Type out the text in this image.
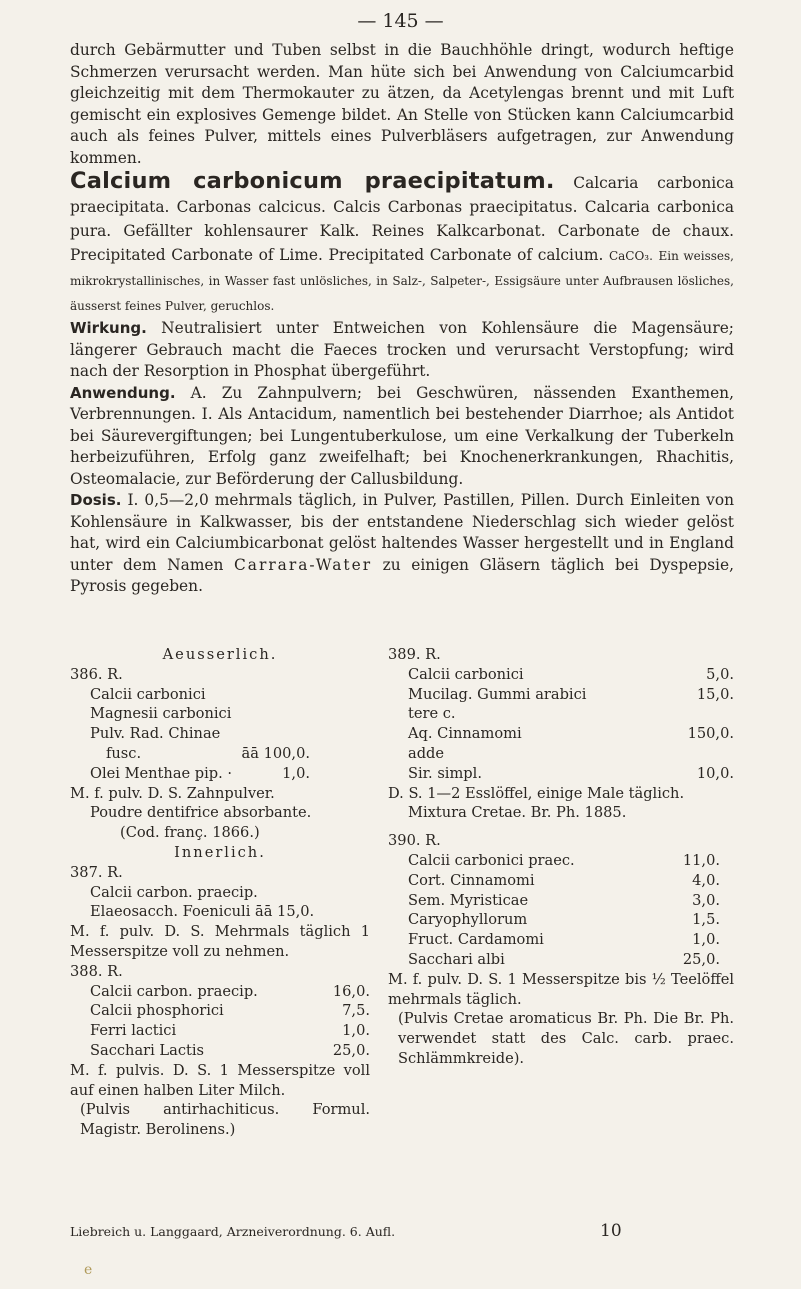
— 145 —

durch Gebärmutter und Tuben selbst in die Bauchhöhle dringt, wodurch heftige Schmerzen verursacht werden. Man hüte sich bei Anwendung von Calciumcarbid gleichzeitig mit dem Thermokauter zu ätzen, da Acetylengas brennt und mit Luft gemischt ein explosives Gemenge bildet. An Stelle von Stücken kann Calciumcarbid auch als feines Pulver, mittels eines Pulverbläsers aufgetragen, zur Anwendung kommen.

Calcium carbonicum praecipitatum. Calcaria carbonica praecipitata. Carbonas calcicus. Calcis Carbonas praecipitatus. Calcaria carbonica pura. Gefällter kohlensaurer Kalk. Reines Kalkcarbonat. Carbonate de chaux. Precipitated Carbonate of Lime. Precipitated Carbonate of calcium. CaCO₃. Ein weisses, mikrokrystallinisches, in Wasser fast unlösliches, in Salz-, Salpeter-, Essigsäure unter Aufbrausen lösliches, äusserst feines Pulver, geruchlos.

Wirkung. Neutralisiert unter Entweichen von Kohlensäure die Magensäure; längerer Gebrauch macht die Faeces trocken und verursacht Verstopfung; wird nach der Resorption in Phosphat übergeführt.

Anwendung. A. Zu Zahnpulvern; bei Geschwüren, nässenden Exanthemen, Verbrennungen. I. Als Antacidum, namentlich bei bestehender Diarrhoe; als Antidot bei Säurevergiftungen; bei Lungentuberkulose, um eine Verkalkung der Tuberkeln herbeizuführen, Erfolg ganz zweifelhaft; bei Knochenerkrankungen, Rhachitis, Osteomalacie, zur Beförderung der Callusbildung.

Dosis. I. 0,5—2,0 mehrmals täglich, in Pulver, Pastillen, Pillen. Durch Einleiten von Kohlensäure in Kalkwasser, bis der entstandene Niederschlag sich wieder gelöst hat, wird ein Calciumbicarbonat gelöst haltendes Wasser hergestellt und in England unter dem Namen Carrara-Water zu einigen Gläsern täglich bei Dyspepsie, Pyrosis gegeben.

Aeusserlich.
386. R.
Calcii carbonici
Magnesii carbonici
Pulv. Rad. Chinae
fusc.	āā 100,0.
Olei Menthae pip. ·	1,0.
M. f. pulv. D. S. Zahnpulver.
Poudre dentifrice absorbante.
(Cod. franç. 1866.)
Innerlich.
387. R.
Calcii carbon. praecip.
Elaeosacch. Foeniculi āā 15,0.
M. f. pulv. D. S. Mehrmals täglich 1 Messerspitze voll zu nehmen.
388. R.
Calcii carbon. praecip.	16,0.
Calcii phosphorici	7,5.
Ferri lactici	1,0.
Sacchari Lactis	25,0.
M. f. pulvis. D. S. 1 Messerspitze voll auf einen halben Liter Milch.
(Pulvis antirhachiticus. Formul. Magistr. Berolinens.)
389. R.
Calcii carbonici	5,0.
Mucilag. Gummi arabici	15,0.
tere c.
Aq. Cinnamomi	150,0.
adde
Sir. simpl.	10,0.
D. S. 1—2 Esslöffel, einige Male täglich.
Mixtura Cretae. Br. Ph. 1885.
390. R.
Calcii carbonici praec.	11,0.
Cort. Cinnamomi	4,0.
Sem. Myristicae	3,0.
Caryophyllorum	1,5.
Fruct. Cardamomi	1,0.
Sacchari albi	25,0.
M. f. pulv. D. S. 1 Messerspitze bis ½ Teelöffel mehrmals täglich.
(Pulvis Cretae aromaticus Br. Ph. Die Br. Ph. verwendet statt des Calc. carb. praec. Schlämmkreide).
Liebreich u. Langgaard, Arzneiverordnung. 6. Aufl.	10
e
